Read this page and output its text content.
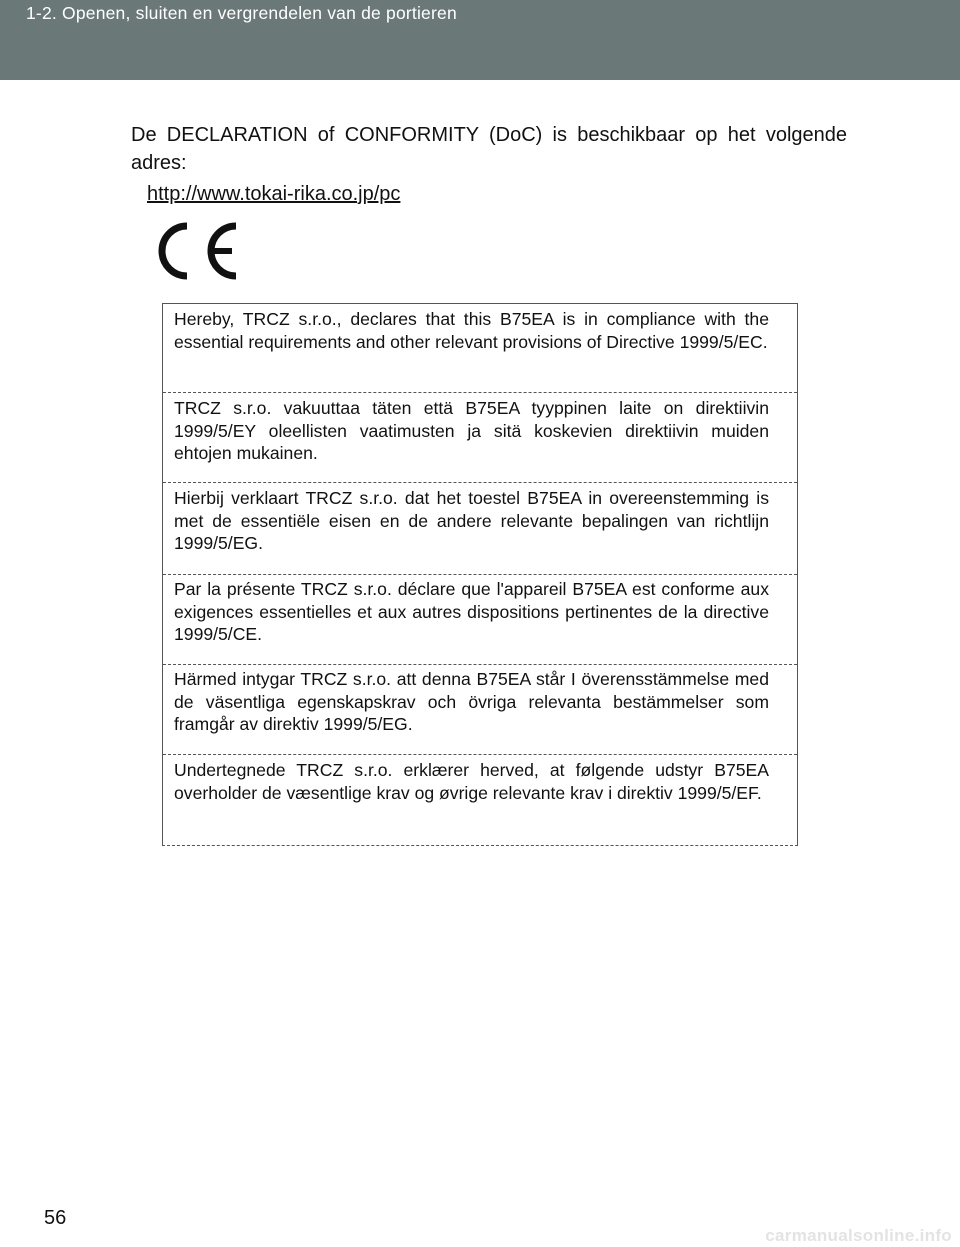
1-2. Openen, sluiten en vergrendelen van de portieren
De DECLARATION of CONFORMITY (DoC) is beschikbaar op het volgende adres:
http://www.tokai-rika.co.jp/pc
Hereby, TRCZ s.r.o., declares that this B75EA is in compliance with the essential requirements and other relevant provisions of Directive 1999/5/EC.
TRCZ s.r.o. vakuuttaa täten että B75EA tyyppinen laite on direktiivin 1999/5/EY oleellisten vaatimusten ja sitä koskevien direktiivin muiden ehtojen mukainen.
Hierbij verklaart TRCZ s.r.o. dat het toestel B75EA in overeenstemming is met de essentiële eisen en de andere relevante bepalingen van richtlijn 1999/5/EG.
Par la présente TRCZ s.r.o. déclare que l'appareil B75EA est conforme aux exigences essentielles et aux autres dispositions pertinentes de la directive 1999/5/CE.
Härmed intygar TRCZ s.r.o. att denna B75EA står I överensstämmelse med de väsentliga egenskapskrav och övriga relevanta bestämmelser som framgår av direktiv 1999/5/EG.
Undertegnede TRCZ s.r.o. erklærer herved, at følgende udstyr B75EA overholder de væsentlige krav og øvrige relevante krav i direktiv 1999/5/EF.
56
carmanualsonline.info
